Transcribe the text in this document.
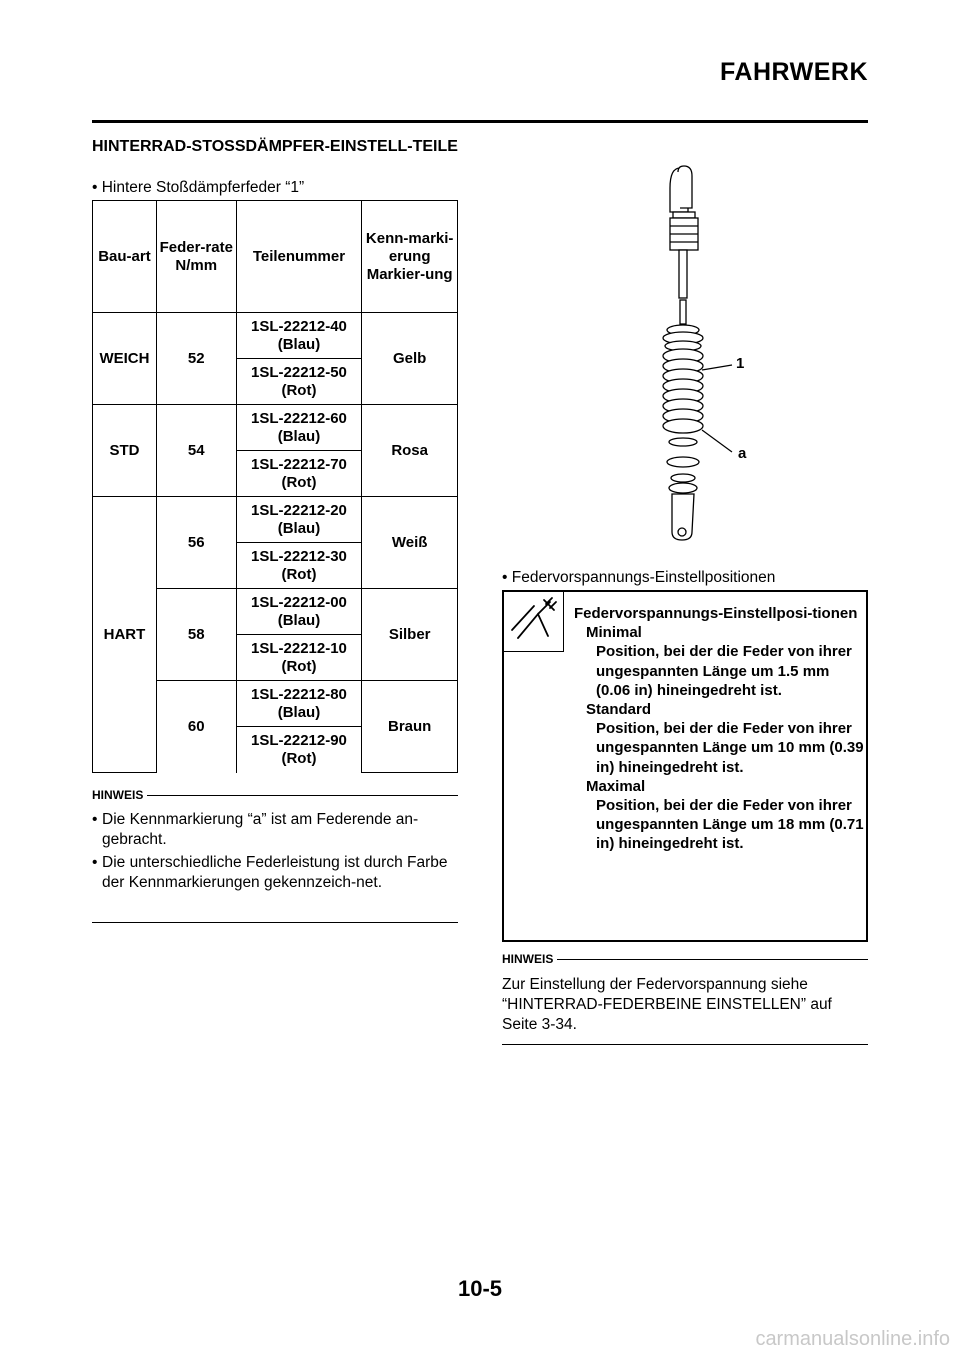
FAHRWERK
HINTERRAD-STOSSDÄMPFER-EINSTELL-TEILE
• Hintere Stoßdämpferfeder “1”
Bau-art	Feder-rate N/mm	Teilenummer	Kenn-marki-erung Markier-ung
WEICH	52	1SL-22212-40 (Blau)	Gelb
		1SL-22212-50 (Rot)	
STD	54	1SL-22212-60 (Blau)	Rosa
		1SL-22212-70 (Rot)	
HART	56	1SL-22212-20 (Blau)	Weiß
		1SL-22212-30 (Rot)	
	58	1SL-22212-00 (Blau)	Silber
		1SL-22212-10 (Rot)	
	60	1SL-22212-80 (Blau)	Braun
		1SL-22212-90 (Rot)	
HINWEIS
• Die Kennmarkierung “a” ist am Federende an-gebracht.
• Die unterschiedliche Federleistung ist durch Farbe der Kennmarkierungen gekennzeich-net.
1
a
• Federvorspannungs-Einstellpositionen
Federvorspannungs-Einstellposi-tionen
Minimal
Position, bei der die Feder von ihrer ungespannten Länge um 1.5 mm (0.06 in) hineingedreht ist.
Standard
Position, bei der die Feder von ihrer ungespannten Länge um 10 mm (0.39 in) hineingedreht ist.
Maximal
Position, bei der die Feder von ihrer ungespannten Länge um 18 mm (0.71 in) hineingedreht ist.
HINWEIS
Zur Einstellung der Federvorspannung siehe “HINTERRAD-FEDERBEINE EINSTELLEN” auf Seite 3-34.
10-5
carmanualsonline.info
